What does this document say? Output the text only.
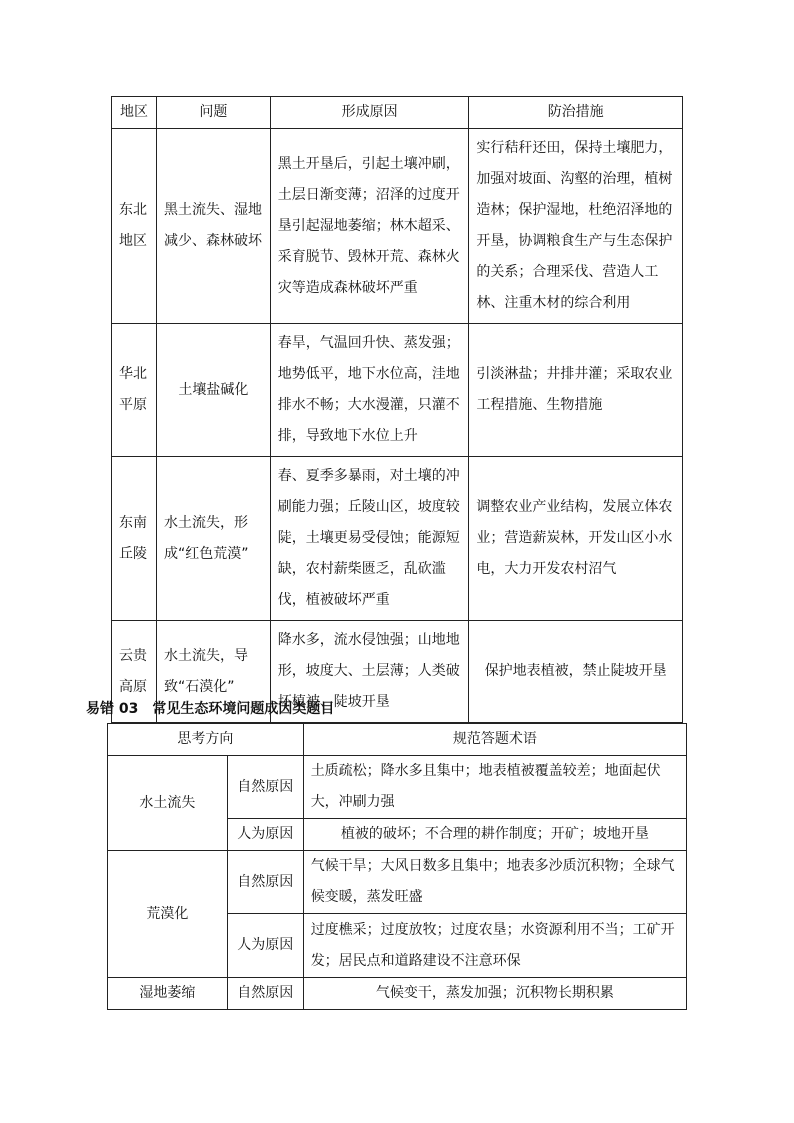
地区	问题	形成原因	防治措施
东北地区	黑土流失、湿地减少、森林破坏	黑土开垦后，引起土壤冲刷，土层日渐变薄；沼泽的过度开垦引起湿地萎缩；林木超采、采育脱节、毁林开荒、森林火灾等造成森林破坏严重	实行秸秆还田，保持土壤肥力，加强对坡面、沟壑的治理，植树造林；保护湿地，杜绝沼泽地的开垦，协调粮食生产与生态保护的关系；合理采伐、营造人工林、注重木材的综合利用
华北平原	土壤盐碱化	春旱，气温回升快、蒸发强；地势低平，地下水位高，洼地排水不畅；大水漫灌，只灌不排，导致地下水位上升	引淡淋盐；井排井灌；采取农业工程措施、生物措施
东南丘陵	水土流失，形成“红色荒漠”	春、夏季多暴雨，对土壤的冲刷能力强；丘陵山区，坡度较陡，土壤更易受侵蚀；能源短缺，农村薪柴匮乏，乱砍滥伐，植被破坏严重	调整农业产业结构，发展立体农业；营造薪炭林，开发山区小水电，大力开发农村沼气
云贵高原	水土流失，导致“石漠化”	降水多，流水侵蚀强；山地地形，坡度大、土层薄；人类破坏植被、陡坡开垦	保护地表植被，禁止陡坡开垦
易错 03　常见生态环境问题成因类题目
思考方向		规范答题术语
水土流失	自然原因	土质疏松；降水多且集中；地表植被覆盖较差；地面起伏大，冲刷力强
	人为原因	植被的破坏；不合理的耕作制度；开矿；坡地开垦
荒漠化	自然原因	气候干旱；大风日数多且集中；地表多沙质沉积物；全球气候变暖，蒸发旺盛
	人为原因	过度樵采；过度放牧；过度农垦；水资源利用不当；工矿开发；居民点和道路建设不注意环保
湿地萎缩	自然原因	气候变干，蒸发加强；沉积物长期积累
